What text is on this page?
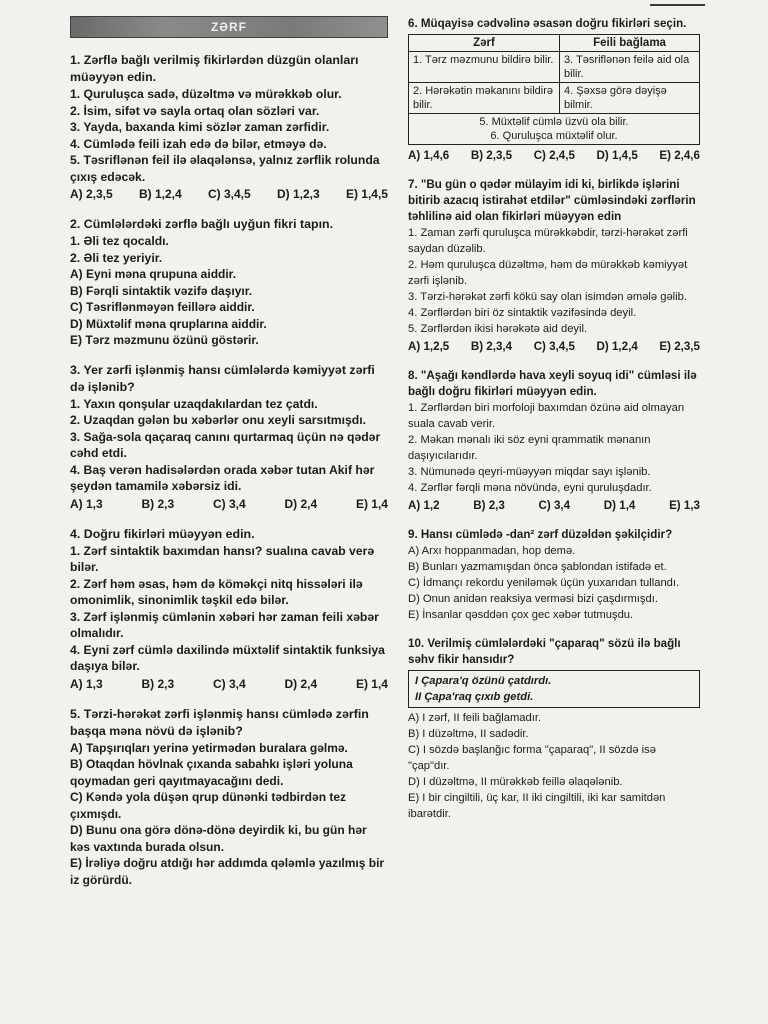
ZƏRF
1. Zərflə bağlı verilmiş fikirlərdən düzgün olanları müəyyən edin.
1. Quruluşca sadə, düzəltmə və mürəkkəb olur.
2. İsim, sifət və sayla ortaq olan sözləri var.
3. Yayda, baxanda kimi sözlər zaman zərfidir.
4. Cümlədə feili izah edə də bilər, etməyə də.
5. Təsriflənən feil ilə əlaqələnsə, yalnız zərflik rolunda çıxış edəcək.
A) 2,3,5 B) 1,2,4 C) 3,4,5 D) 1,2,3 E) 1,4,5
2. Cümlələrdəki zərflə bağlı uyğun fikri tapın.
1. Əli tez qocaldı.
2. Əli tez yeriyir.
A) Eyni məna qrupuna aiddir.
B) Fərqli sintaktik vəzifə daşıyır.
C) Təsriflənməyən feillərə aiddir.
D) Müxtəlif məna qruplarına aiddir.
E) Tərz məzmunu özünü göstərir.
3. Yer zərfi işlənmiş hansı cümlələrdə kəmiyyət zərfi də işlənib?
1. Yaxın qonşular uzaqdakılardan tez çatdı.
2. Uzaqdan gələn bu xəbərlər onu xeyli sarsıtmışdı.
3. Sağa-sola qaçaraq canını qurtarmaq üçün nə qədər cəhd etdi.
4. Baş verən hadisələrdən orada xəbər tutan Akif hər şeydən tamamilə xəbərsiz idi.
A) 1,3	B) 2,3	C) 3,4	D) 2,4	E) 1,4
4. Doğru fikirləri müəyyən edin.
1. Zərf sintaktik baxımdan hansı? sualına cavab verə bilər.
2. Zərf həm əsas, həm də köməkçi nitq hissələri ilə omonimlik, sinonimlik təşkil edə bilər.
3. Zərf işlənmiş cümlənin xəbəri hər zaman feili xəbər olmalıdır.
4. Eyni zərf cümlə daxilində müxtəlif sintaktik funksiya daşıya bilər.
A) 1,3	B) 2,3	C) 3,4	D) 2,4	E) 1,4
5. Tərzi-hərəkət zərfi işlənmiş hansı cümlədə zərfin başqa məna növü də işlənib?
A) Tapşırıqları yerinə yetirmədən buralara gəlmə.
B) Otaqdan hövlnak çıxanda sabahkı işləri yoluna qoymadan geri qayıtmayacağını dedi.
C) Kəndə yola düşən qrup dünənki tədbirdən tez çıxmışdı.
D) Bunu ona görə dönə-dönə deyirdik ki, bu gün hər kəs vaxtında burada olsun.
E) İrəliyə doğru atdığı hər addımda qələmlə yazılmış bir iz görürdü.
6. Müqayisə cədvəlinə əsasən doğru fikirləri seçin.
Zərf	Feili bağlama
1. Tərz məzmunu bildirə bilir.	3. Təsriflənən feilə aid ola bilir.
2. Hərəkətin məkanını bildirə bilir.	4. Şəxsə görə dəyişə bilmir.

5. Müxtəlif cümlə üzvü ola bilir.
6. Quruluşca müxtəlif olur.	
A) 1,4,6 B) 2,3,5 C) 2,4,5 D) 1,4,5 E) 2,4,6
7. "Bu gün o qədər mülayim idi ki, birlikdə işlərini bitirib azacıq istirahət etdilər" cümləsindəki zərflərin təhlilinə aid olan fikirləri müəyyən edin
1. Zaman zərfi quruluşca mürəkkəbdir, tərzi-hərəkət zərfi saydan düzəlib.
2. Həm quruluşca düzəltmə, həm də mürəkkəb kəmiyyət zərfi işlənib.
3. Tərzi-hərəkət zərfi kökü say olan isimdən əmələ gəlib.
4. Zərflərdən biri öz sintaktik vəzifəsində deyil.
5. Zərflərdən ikisi hərəkətə aid deyil.
A) 1,2,5 B) 2,3,4 C) 3,4,5 D) 1,2,4 E) 2,3,5
8. "Aşağı kəndlərdə hava xeyli soyuq idi" cümləsi ilə bağlı doğru fikirləri müəyyən edin.
1. Zərflərdən biri morfoloji baxımdan özünə aid olmayan suala cavab verir.
2. Məkan mənalı iki söz eyni qrammatik mənanın daşıyıcılarıdır.
3. Nümunədə qeyri-müəyyən miqdar sayı işlənib.
4. Zərflər fərqli məna növündə, eyni quruluşdadır.
A) 1,2	B) 2,3	C) 3,4	D) 1,4	E) 1,3
9. Hansı cümlədə -dan² zərf düzəldən şəkilçidir?
A) Arxı hoppanmadan, hop demə.
B) Bunları yazmamışdan öncə şablondan istifadə et.
C) İdmançı rekordu yeniləmək üçün yuxarıdan tullandı.
D) Onun anidən reaksiya verməsi bizi çaşdırmışdı.
E) İnsanlar qəsddən çox gec xəbər tutmuşdu.
10. Verilmiş cümlələrdəki "çaparaq" sözü ilə bağlı səhv fikir hansıdır?
I Çapara'q özünü çatdırdı.
II Çapa'raq çıxıb getdi.
A) I zərf, II feili bağlamadır.
B) I düzəltmə, II sadədir.
C) I sözdə başlanğıc forma "çaparaq", II sözdə isə "çap"dır.
D) I düzəltmə, II mürəkkəb feillə əlaqələnib.
E) I bir cingiltili, üç kar, II iki cingiltili, iki kar samitdən ibarətdir.
